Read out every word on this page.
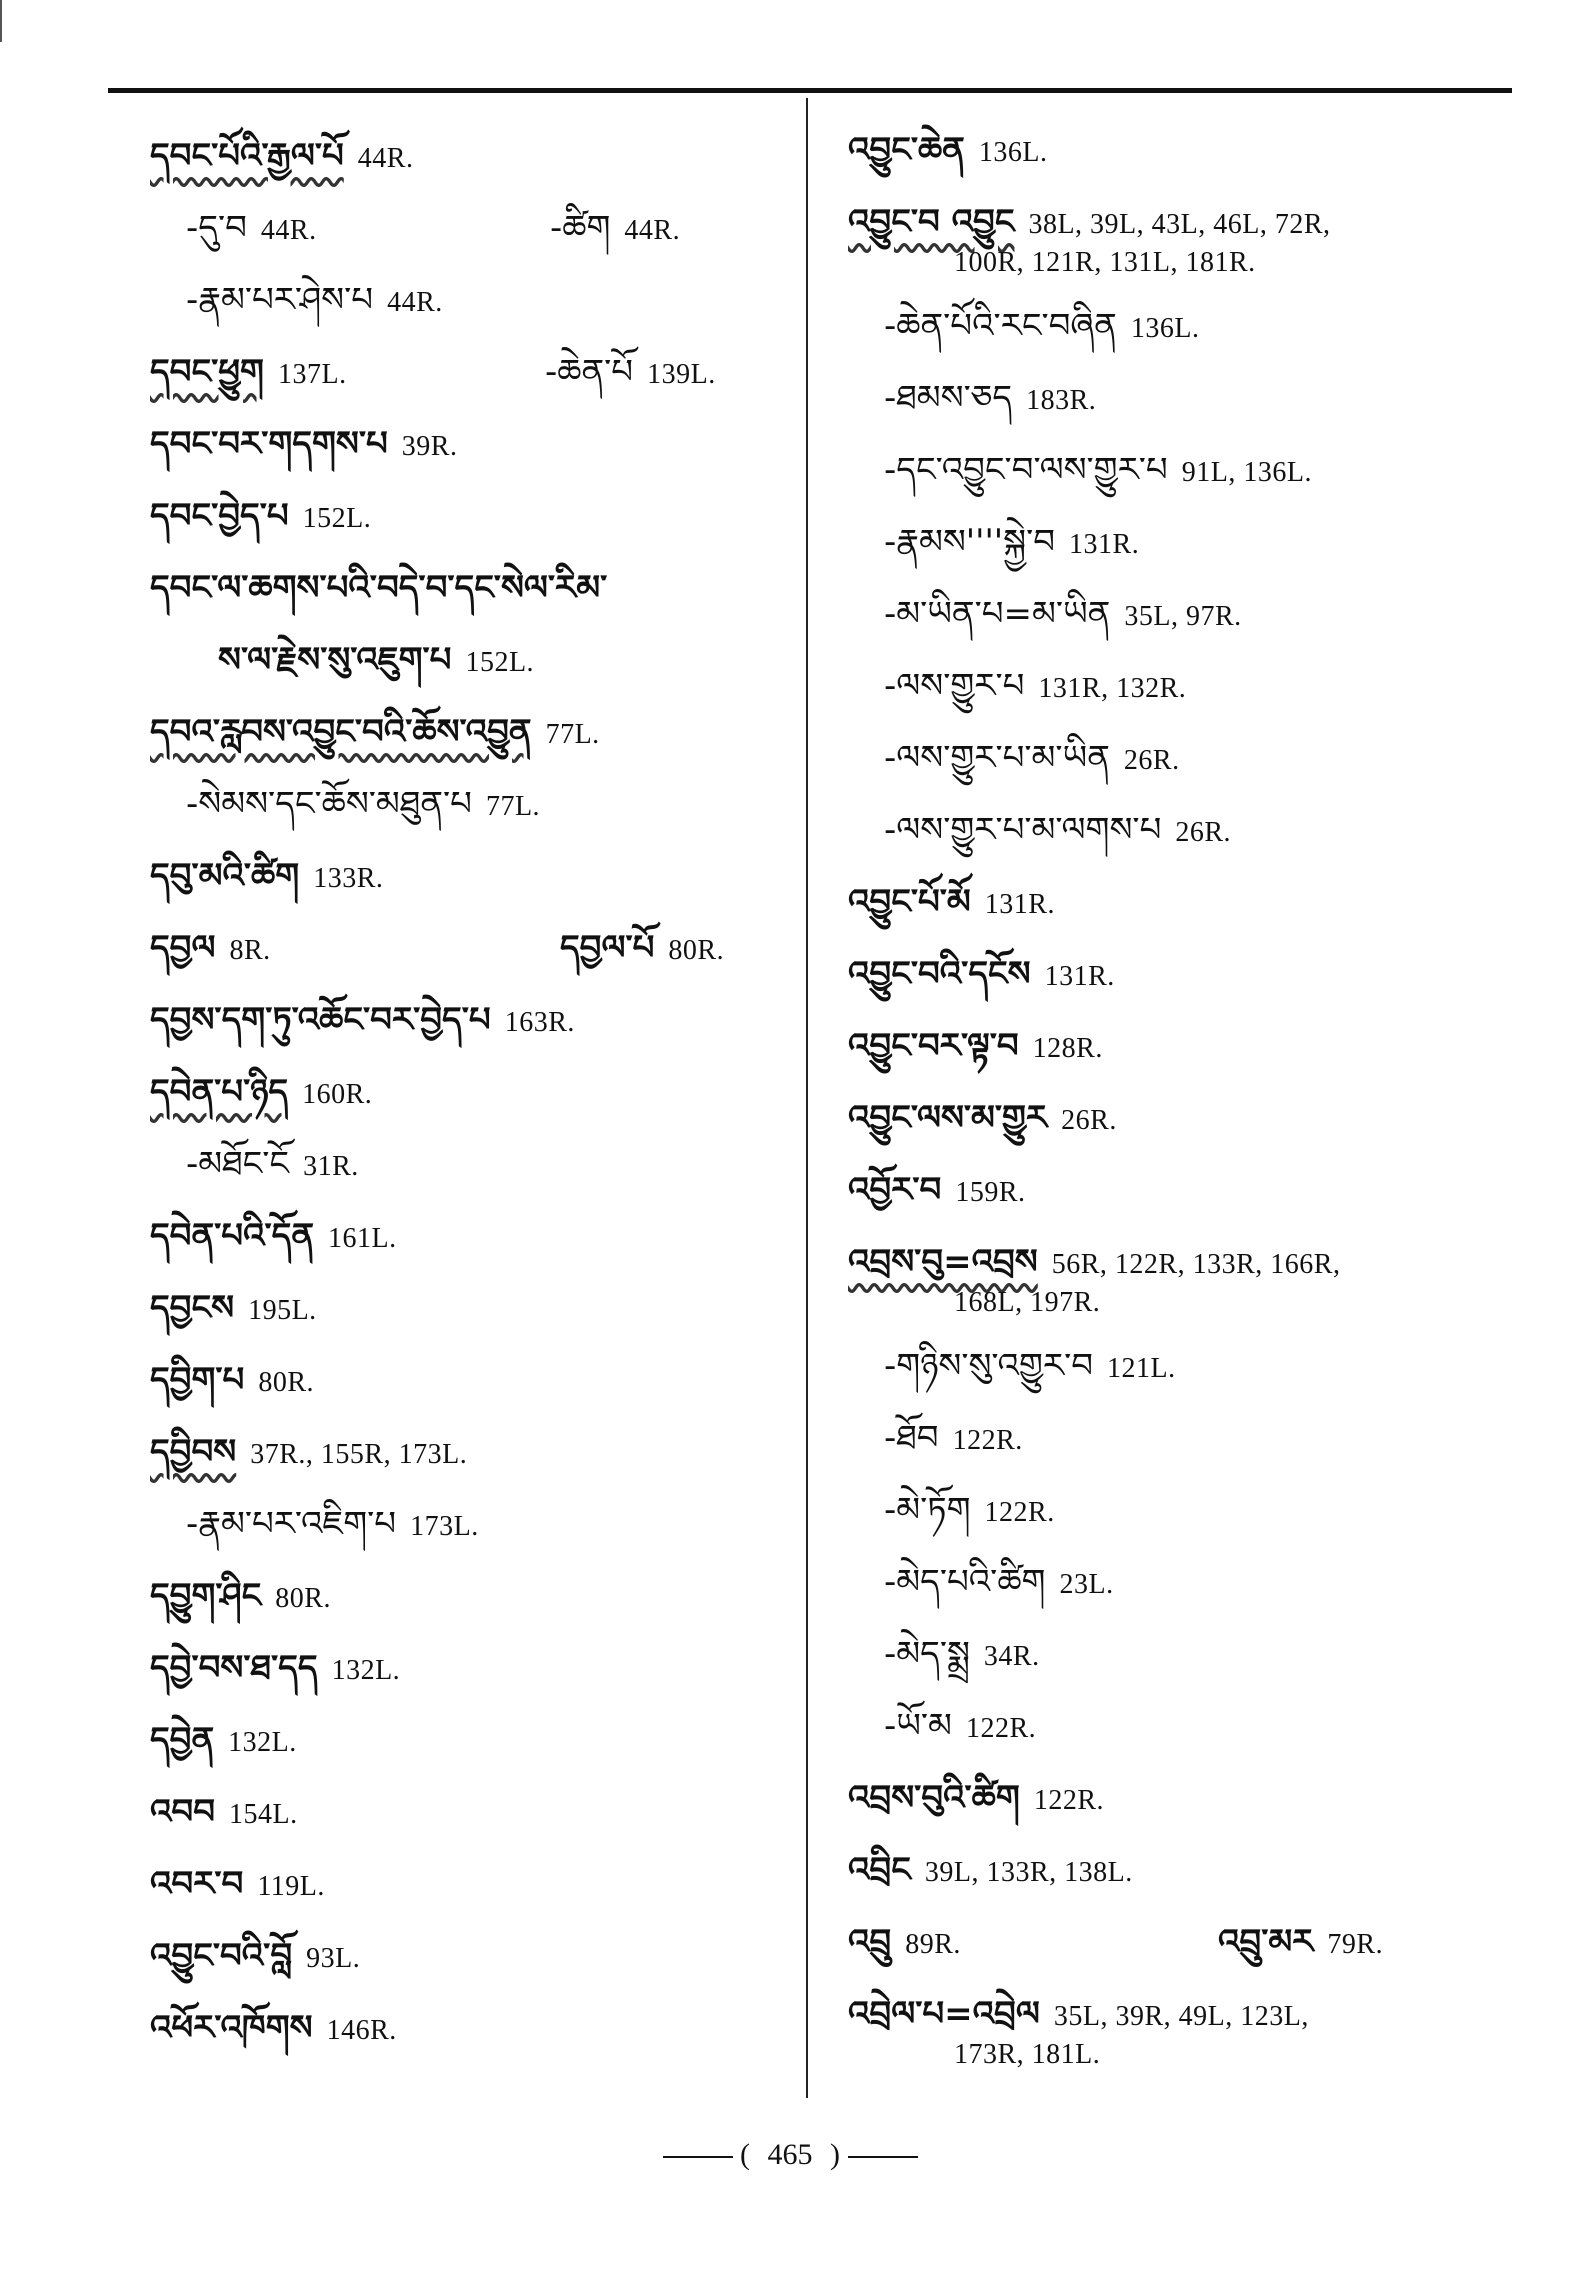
དབང་པོའི་རྒྱལ་པོ 44R.
-དུ་བ 44R.	-ཚིག 44R.
-རྣམ་པར་ཤེས་པ 44R.
དབང་ཕྱུག 137L.	-ཆེན་པོ 139L.
དབང་བར་གདགས་པ 39R.
དབང་བྱེད་པ 152L.
དབང་ལ་ཆགས་པའི་བདེ་བ་དང་སེལ་རིམ་
ས་ལ་རྗེས་སུ་འཇུག་པ 152L.
དབའ་རླབས་འབྱུང་བའི་ཆོས་འབྱུན 77L.
-སེམས་དང་ཆོས་མཐུན་པ 77L.
དབུ་མའི་ཚིག 133R.
དབྱལ 8R.	དབྱལ་པོ 80R.
དབྱས་དག་ཏུ་འཆོང་བར་བྱེད་པ 163R.
དབེན་པ་ཉིད 160R.
-མཐོང་ངོ 31R.
དབེན་པའི་དོན 161L.
དབྱངས 195L.
དབྱིག་པ 80R.
དབྱིབས 37R., 155R, 173L.
-རྣམ་པར་འཇིག་པ 173L.
དབྱུག་ཤིང 80R.
དབྱེ་བས་ཐ་དད 132L.
དབྱེན 132L.
འབབ 154L.
འབར་བ 119L.
འབྱུང་བའི་བློ 93L.
འཕོར་འཁོགས 146R.
འབྱུང་ཆེན 136L.
འབྱུང་བ འབྱུང 38L, 39L, 43L, 46L, 72R,
100R, 121R, 131L, 181R.
-ཆེན་པོའི་རང་བཞིན 136L.
-ཐམས་ཅད 183R.
-དང་འབྱུང་བ་ལས་གྱུར་པ 91L, 136L.
-རྣམས''''སྐྱེ་བ 131R.
-མ་ཡིན་པ=མ་ཡིན 35L, 97R.
-ལས་གྱུར་པ 131R, 132R.
-ལས་གྱུར་པ་མ་ཡིན 26R.
-ལས་གྱུར་པ་མ་ལགས་པ 26R.
འབྱུང་པོ་མོ 131R.
འབྱུང་བའི་དངོས 131R.
འབྱུང་བར་ལྟ་བ 128R.
འབྱུང་ལས་མ་གྱུར 26R.
འབྱོར་བ 159R.
འབྲས་བུ=འབྲས 56R, 122R, 133R, 166R,
168L, 197R.
-གཉིས་སུ་འགྱུར་བ 121L.
-ཐོབ 122R.
-མེ་ཏོག 122R.
-མེད་པའི་ཚིག 23L.
-མེད་སྨྲ 34R.
-ཡོ་མ 122R.
འབྲས་བུའི་ཚིག 122R.
འབྲིང 39L, 133R, 138L.
འབྲུ 89R.	འབྲུ་མར 79R.
འབྲེལ་པ=འབྲེལ 35L, 39R, 49L, 123L,
173R, 181L.
( 465 )
